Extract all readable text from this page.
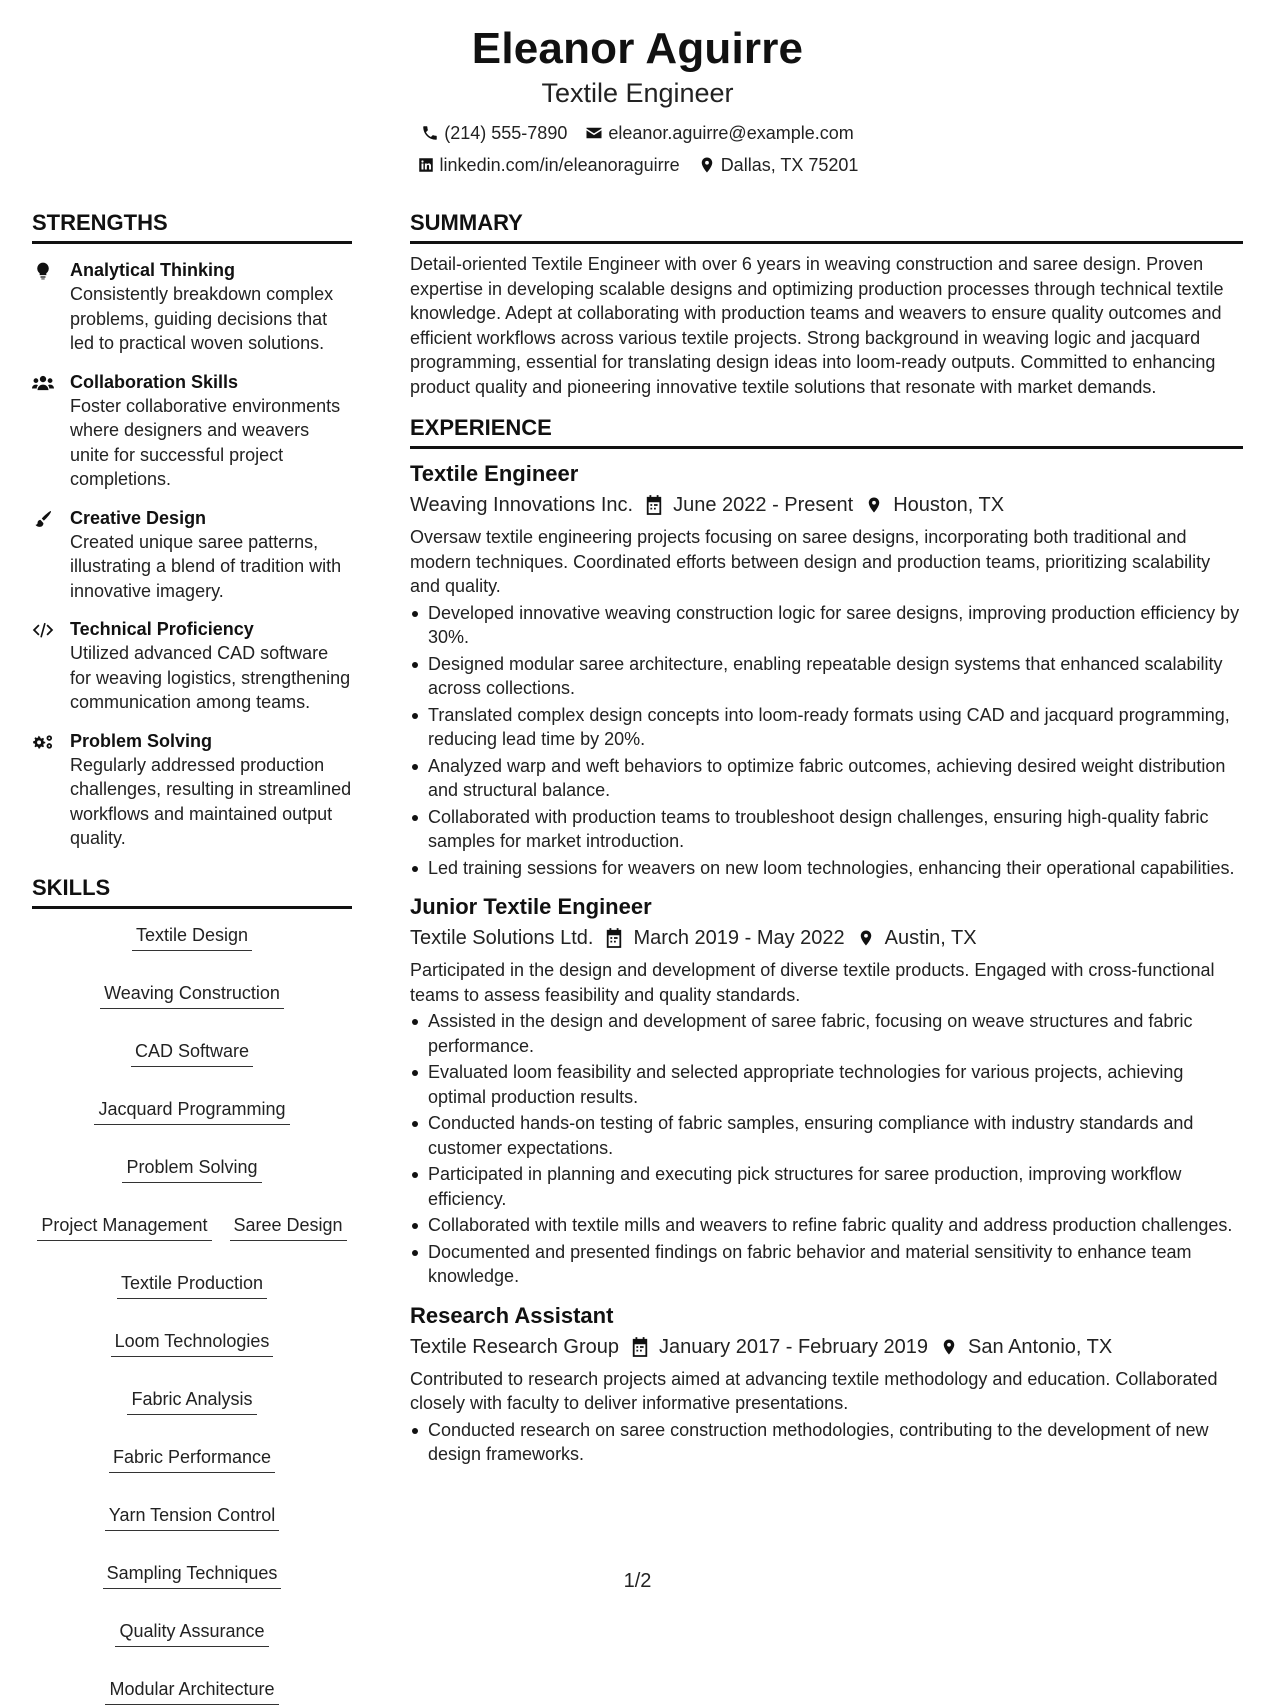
Eleanor Aguirre
Textile Engineer
(214) 555-7890 eleanor.aguirre@example.com
linkedin.com/in/eleanoraguirre Dallas, TX 75201
STRENGTHS
Analytical Thinking
Consistently breakdown complex problems, guiding decisions that led to practical woven solutions.
Collaboration Skills
Foster collaborative environments where designers and weavers unite for successful project completions.
Creative Design
Created unique saree patterns, illustrating a blend of tradition with innovative imagery.
Technical Proficiency
Utilized advanced CAD software for weaving logistics, strengthening communication among teams.
Problem Solving
Regularly addressed production challenges, resulting in streamlined workflows and maintained output quality.
SKILLS
Textile Design
Weaving Construction
CAD Software
Jacquard Programming
Problem Solving
Project Management Saree Design
Textile Production
Loom Technologies
Fabric Analysis
Fabric Performance
Yarn Tension Control
Sampling Techniques
Quality Assurance
Modular Architecture
SUMMARY
Detail-oriented Textile Engineer with over 6 years in weaving construction and saree design. Proven expertise in developing scalable designs and optimizing production processes through technical textile knowledge. Adept at collaborating with production teams and weavers to ensure quality outcomes and efficient workflows across various textile projects. Strong background in weaving logic and jacquard programming, essential for translating design ideas into loom-ready outputs. Committed to enhancing product quality and pioneering innovative textile solutions that resonate with market demands.
EXPERIENCE
Textile Engineer
Weaving Innovations Inc. June 2022 - Present Houston, TX
Oversaw textile engineering projects focusing on saree designs, incorporating both traditional and modern techniques. Coordinated efforts between design and production teams, prioritizing scalability and quality.
Developed innovative weaving construction logic for saree designs, improving production efficiency by 30%.
Designed modular saree architecture, enabling repeatable design systems that enhanced scalability across collections.
Translated complex design concepts into loom-ready formats using CAD and jacquard programming, reducing lead time by 20%.
Analyzed warp and weft behaviors to optimize fabric outcomes, achieving desired weight distribution and structural balance.
Collaborated with production teams to troubleshoot design challenges, ensuring high-quality fabric samples for market introduction.
Led training sessions for weavers on new loom technologies, enhancing their operational capabilities.
Junior Textile Engineer
Textile Solutions Ltd. March 2019 - May 2022 Austin, TX
Participated in the design and development of diverse textile products. Engaged with cross-functional teams to assess feasibility and quality standards.
Assisted in the design and development of saree fabric, focusing on weave structures and fabric performance.
Evaluated loom feasibility and selected appropriate technologies for various projects, achieving optimal production results.
Conducted hands-on testing of fabric samples, ensuring compliance with industry standards and customer expectations.
Participated in planning and executing pick structures for saree production, improving workflow efficiency.
Collaborated with textile mills and weavers to refine fabric quality and address production challenges.
Documented and presented findings on fabric behavior and material sensitivity to enhance team knowledge.
Research Assistant
Textile Research Group January 2017 - February 2019 San Antonio, TX
Contributed to research projects aimed at advancing textile methodology and education. Collaborated closely with faculty to deliver informative presentations.
Conducted research on saree construction methodologies, contributing to the development of new design frameworks.
1/2
